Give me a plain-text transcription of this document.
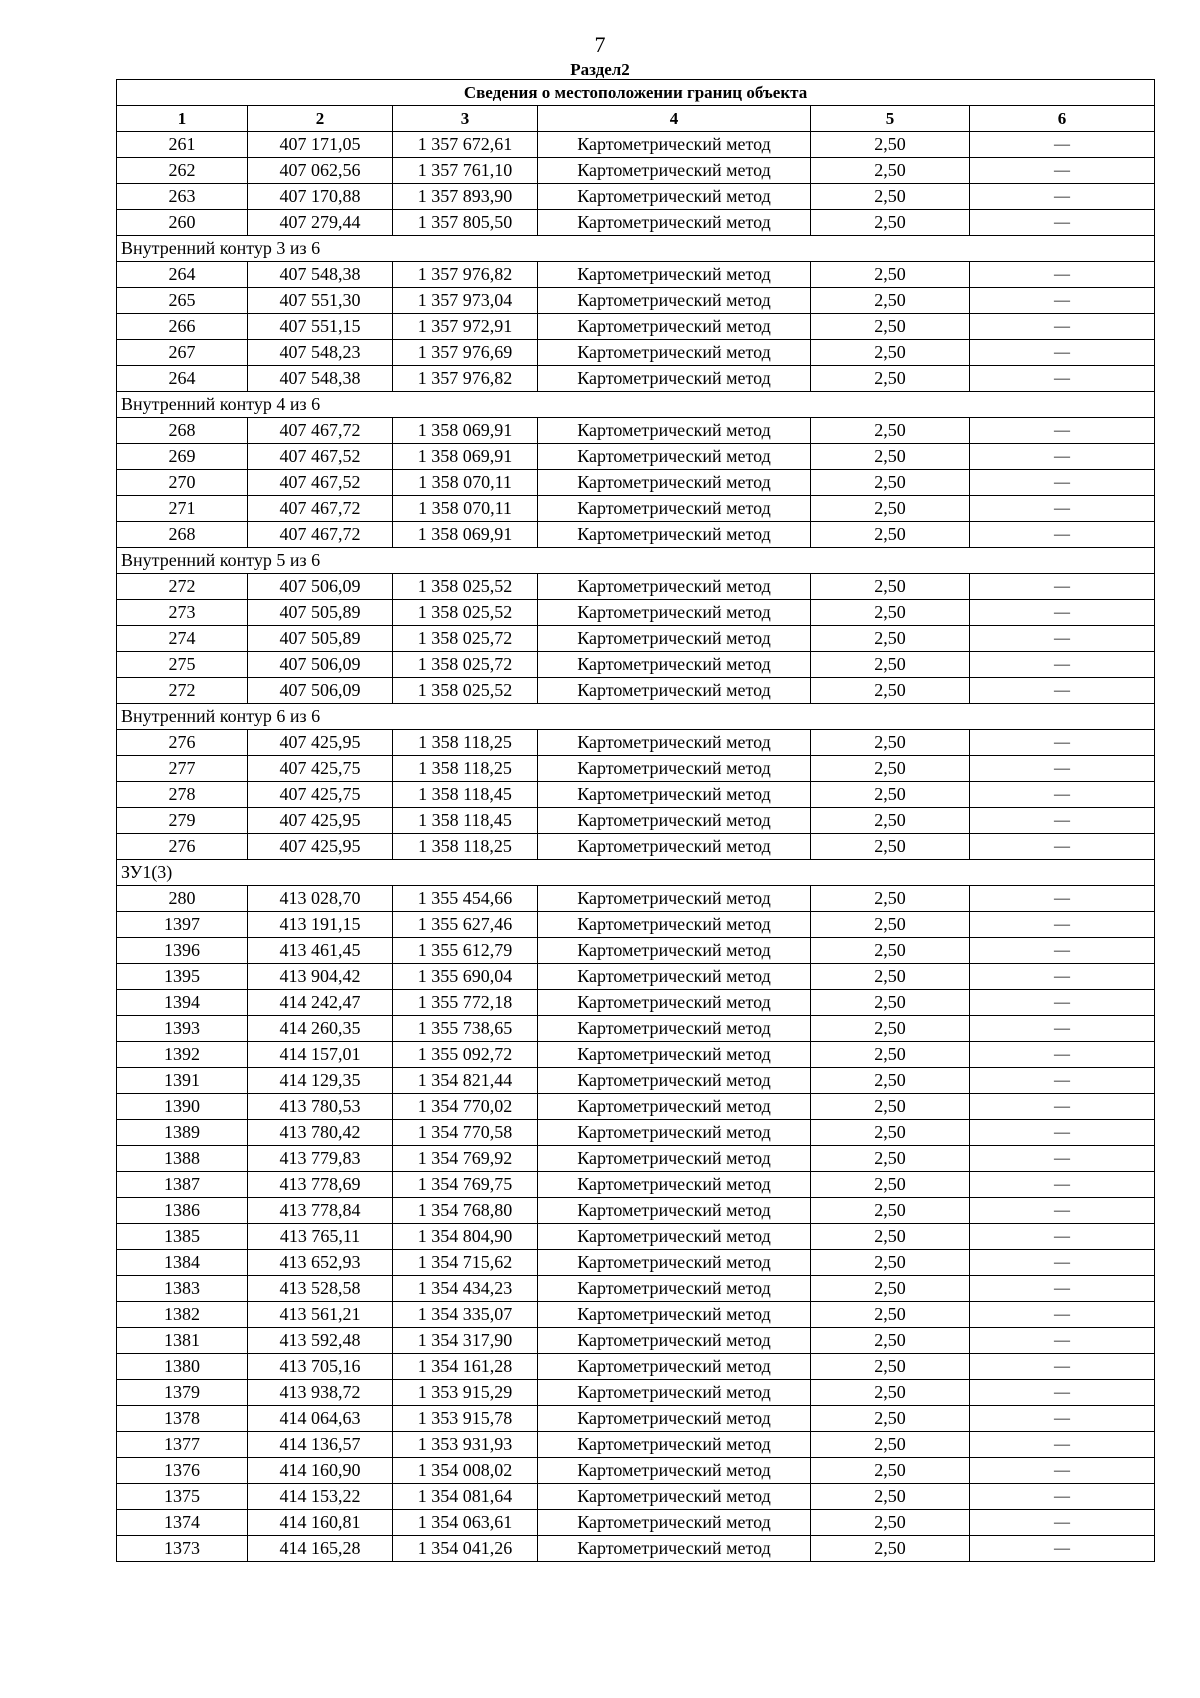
7
Раздел2
Сведения о местоположении границ объекта					
1	2	3	4	5	6
261	407 171,05	1 357 672,61	Картометрический метод	2,50	—
262	407 062,56	1 357 761,10	Картометрический метод	2,50	—
263	407 170,88	1 357 893,90	Картометрический метод	2,50	—
260	407 279,44	1 357 805,50	Картометрический метод	2,50	—
Внутренний контур 3 из 6					
264	407 548,38	1 357 976,82	Картометрический метод	2,50	—
265	407 551,30	1 357 973,04	Картометрический метод	2,50	—
266	407 551,15	1 357 972,91	Картометрический метод	2,50	—
267	407 548,23	1 357 976,69	Картометрический метод	2,50	—
264	407 548,38	1 357 976,82	Картометрический метод	2,50	—
Внутренний контур 4 из 6					
268	407 467,72	1 358 069,91	Картометрический метод	2,50	—
269	407 467,52	1 358 069,91	Картометрический метод	2,50	—
270	407 467,52	1 358 070,11	Картометрический метод	2,50	—
271	407 467,72	1 358 070,11	Картометрический метод	2,50	—
268	407 467,72	1 358 069,91	Картометрический метод	2,50	—
Внутренний контур 5 из 6					
272	407 506,09	1 358 025,52	Картометрический метод	2,50	—
273	407 505,89	1 358 025,52	Картометрический метод	2,50	—
274	407 505,89	1 358 025,72	Картометрический метод	2,50	—
275	407 506,09	1 358 025,72	Картометрический метод	2,50	—
272	407 506,09	1 358 025,52	Картометрический метод	2,50	—
Внутренний контур 6 из 6					
276	407 425,95	1 358 118,25	Картометрический метод	2,50	—
277	407 425,75	1 358 118,25	Картометрический метод	2,50	—
278	407 425,75	1 358 118,45	Картометрический метод	2,50	—
279	407 425,95	1 358 118,45	Картометрический метод	2,50	—
276	407 425,95	1 358 118,25	Картометрический метод	2,50	—
ЗУ1(3)					
280	413 028,70	1 355 454,66	Картометрический метод	2,50	—
1397	413 191,15	1 355 627,46	Картометрический метод	2,50	—
1396	413 461,45	1 355 612,79	Картометрический метод	2,50	—
1395	413 904,42	1 355 690,04	Картометрический метод	2,50	—
1394	414 242,47	1 355 772,18	Картометрический метод	2,50	—
1393	414 260,35	1 355 738,65	Картометрический метод	2,50	—
1392	414 157,01	1 355 092,72	Картометрический метод	2,50	—
1391	414 129,35	1 354 821,44	Картометрический метод	2,50	—
1390	413 780,53	1 354 770,02	Картометрический метод	2,50	—
1389	413 780,42	1 354 770,58	Картометрический метод	2,50	—
1388	413 779,83	1 354 769,92	Картометрический метод	2,50	—
1387	413 778,69	1 354 769,75	Картометрический метод	2,50	—
1386	413 778,84	1 354 768,80	Картометрический метод	2,50	—
1385	413 765,11	1 354 804,90	Картометрический метод	2,50	—
1384	413 652,93	1 354 715,62	Картометрический метод	2,50	—
1383	413 528,58	1 354 434,23	Картометрический метод	2,50	—
1382	413 561,21	1 354 335,07	Картометрический метод	2,50	—
1381	413 592,48	1 354 317,90	Картометрический метод	2,50	—
1380	413 705,16	1 354 161,28	Картометрический метод	2,50	—
1379	413 938,72	1 353 915,29	Картометрический метод	2,50	—
1378	414 064,63	1 353 915,78	Картометрический метод	2,50	—
1377	414 136,57	1 353 931,93	Картометрический метод	2,50	—
1376	414 160,90	1 354 008,02	Картометрический метод	2,50	—
1375	414 153,22	1 354 081,64	Картометрический метод	2,50	—
1374	414 160,81	1 354 063,61	Картометрический метод	2,50	—
1373	414 165,28	1 354 041,26	Картометрический метод	2,50	—
